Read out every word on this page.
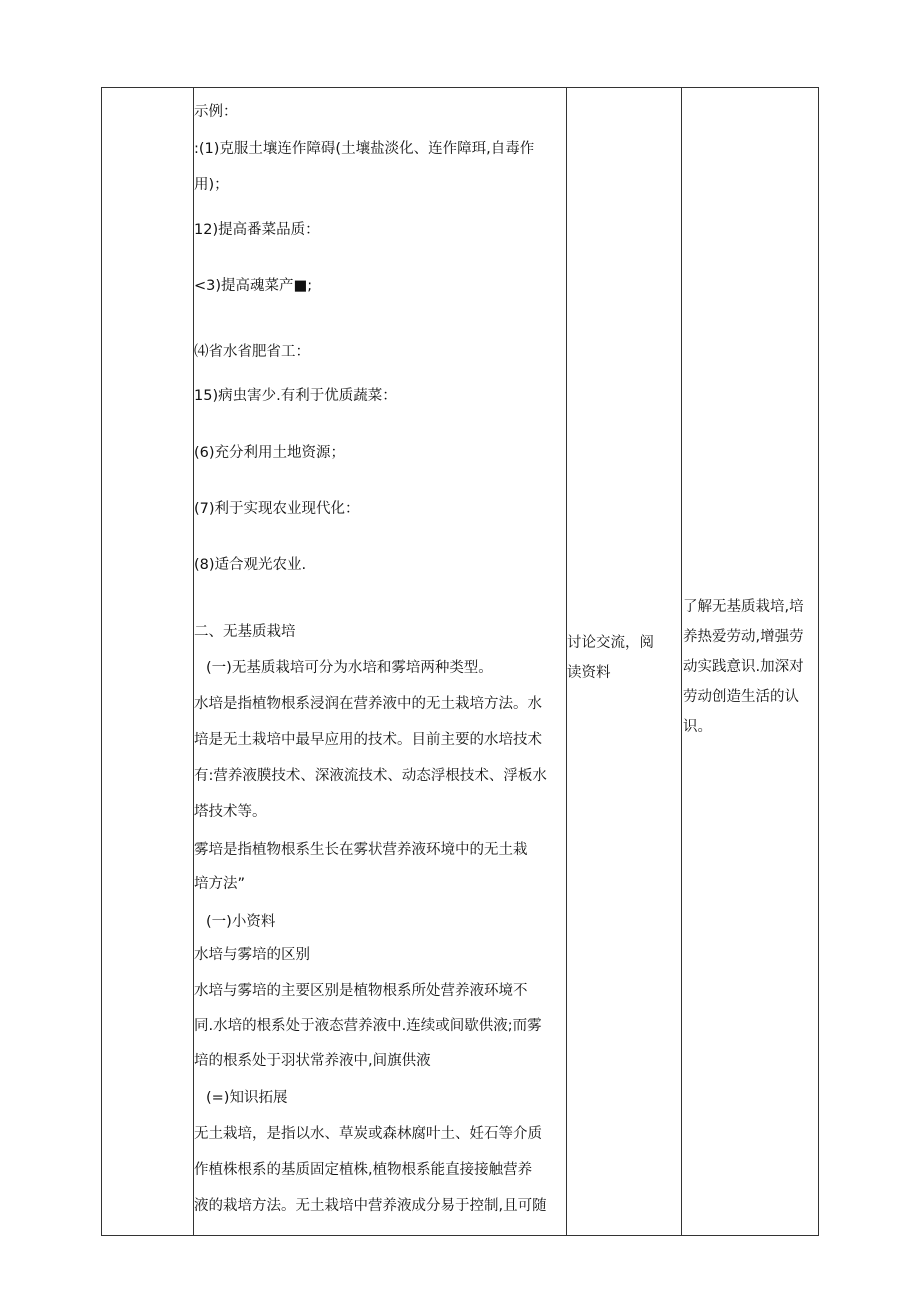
示例：
:(1)克服土壤连作障碍(土壤盐淡化、连作障珥,自毒作
用)；
12)提高番菜品质：
<3)提高魂菜产■;
⑷省水省肥省工：
15)病虫害少.有利于优质蔬菜：
(6)充分利用土地资源；
(7)利于实现农业现代化：
(8)适合观光农业.
二、无基质栽培
(一)无基质栽培可分为水培和雾培两种类型。
水培是指植物根系浸润在营养液中的无土栽培方法。水
培是无土栽培中最早应用的技术。目前主要的水培技术
有:营养液膜技术、深液流技术、动态浮根技术、浮板水
塔技术等。
雾培是指植物根系生长在雾状营养液环境中的无土栽
培方法”
(一)小资料
水培与雾培的区别
水培与雾培的主要区别是植物根系所处营养液环境不
同.水培的根系处于液态营养液中.连续或间歇供液;而雾
培的根系处于羽状常养液中,间旗供液
(=)知识拓展
无土栽培，是指以水、草炭或森林腐叶土、妊石等介质
作植株根系的基质固定植株,植物根系能直接接触营养
液的栽培方法。无土栽培中营养液成分易于控制,且可随
讨论交流，阅
读资料
了解无基质栽培,培
养热爱劳动,增强劳
动实践意识.加深对
劳动创造生活的认
识。
